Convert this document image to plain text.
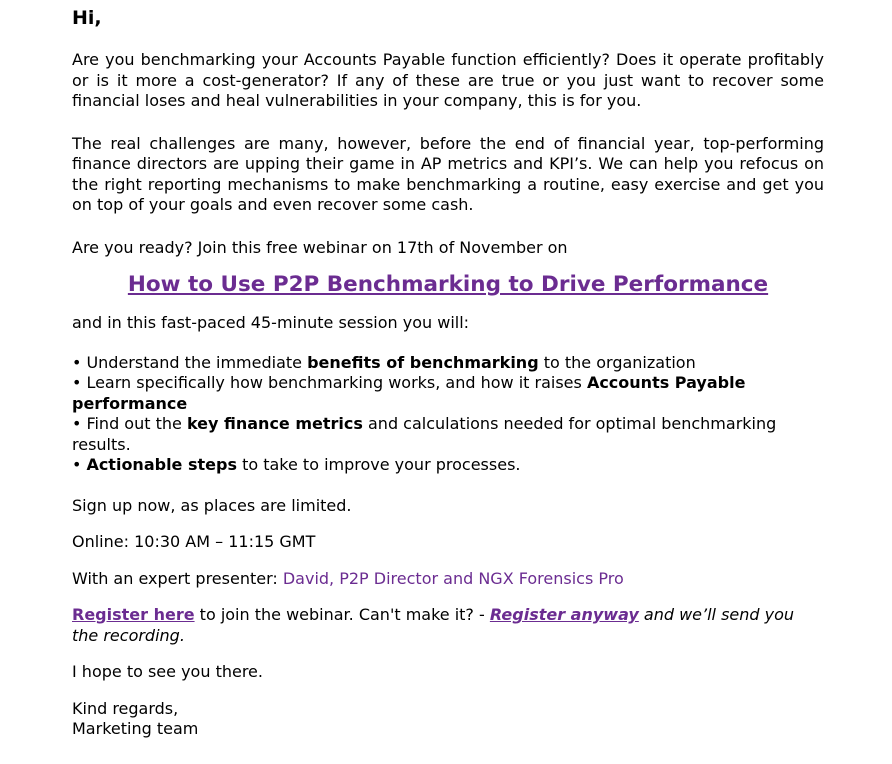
Hi,

Are you benchmarking your Accounts Payable function efficiently? Does it operate profitably or is it more a cost-generator? If any of these are true or you just want to recover some financial loses and heal vulnerabilities in your company, this is for you.

The real challenges are many, however, before the end of financial year, top-performing finance directors are upping their game in AP metrics and KPI’s. We can help you refocus on the right reporting mechanisms to make benchmarking a routine, easy exercise and get you on top of your goals and even recover some cash.

Are you ready? Join this free webinar on 17th of November on

How to Use P2P Benchmarking to Drive Performance

and in this fast-paced 45-minute session you will:

• Understand the immediate benefits of benchmarking to the organization
• Learn specifically how benchmarking works, and how it raises Accounts Payable performance
• Find out the key finance metrics and calculations needed for optimal benchmarking results.
• Actionable steps to take to improve your processes.

Sign up now, as places are limited.

Online: 10:30 AM – 11:15 GMT

With an expert presenter: David, P2P Director and NGX Forensics Pro

Register here to join the webinar. Can't make it? - Register anyway and we’ll send you the recording.

I hope to see you there.

Kind regards,

Marketing team
